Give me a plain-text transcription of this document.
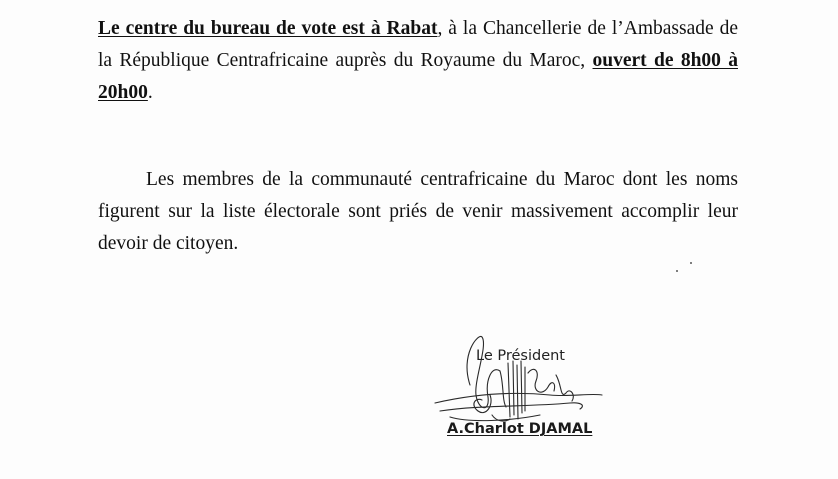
Le centre du bureau de vote est à Rabat, à la Chancellerie de l’Ambassade de la République Centrafricaine auprès du Royaume du Maroc, ouvert de 8h00 à 20h00.

Les membres de la communauté centrafricaine du Maroc dont les noms figurent sur la liste électorale sont priés de venir massivement accomplir leur devoir de citoyen.

Le Président

A.Charlot DJAMAL
